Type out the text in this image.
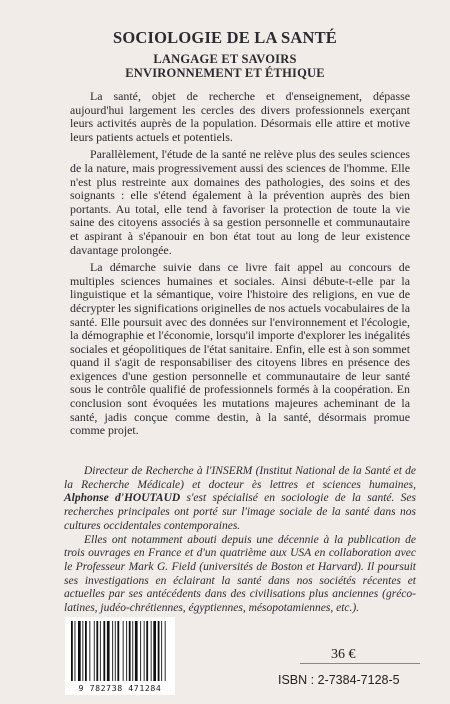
SOCIOLOGIE DE LA SANTÉ
LANGAGE ET SAVOIRS
ENVIRONNEMENT ET ÉTHIQUE

La santé, objet de recherche et d'enseignement, dépasse aujourd'hui largement les cercles des divers professionnels exerçant leurs activités auprès de la population. Désormais elle attire et motive leurs patients actuels et potentiels.

Parallèlement, l'étude de la santé ne relève plus des seules sciences de la nature, mais progressivement aussi des sciences de l'homme. Elle n'est plus restreinte aux domaines des pathologies, des soins et des soignants : elle s'étend également à la prévention auprès des bien portants. Au total, elle tend à favoriser la protection de toute la vie saine des citoyens associés à sa gestion personnelle et communautaire et aspirant à s'épanouir en bon état tout au long de leur existence davantage prolongée.

La démarche suivie dans ce livre fait appel au concours de multiples sciences humaines et sociales. Ainsi débute-t-elle par la linguistique et la sémantique, voire l'histoire des religions, en vue de décrypter les significations originelles de nos actuels vocabulaires de la santé. Elle poursuit avec des données sur l'environnement et l'écologie, la démographie et l'économie, lorsqu'il importe d'explorer les inégalités sociales et géopolitiques de l'état sanitaire. Enfin, elle est à son sommet quand il s'agit de responsabiliser des citoyens libres en présence des exigences d'une gestion personnelle et communautaire de leur santé sous le contrôle qualifié de professionnels formés à la coopération. En conclusion sont évoquées les mutations majeures acheminant de la santé, jadis conçue comme destin, à la santé, désormais promue comme projet.

Directeur de Recherche à l'INSERM (Institut National de la Santé et de la Recherche Médicale) et docteur ès lettres et sciences humaines, Alphonse d'HOUTAUD s'est spécialisé en sociologie de la santé. Ses recherches principales ont porté sur l'image sociale de la santé dans nos cultures occidentales contemporaines.
Elles ont notamment abouti depuis une décennie à la publication de trois ouvrages en France et d'un quatrième aux USA en collaboration avec le Professeur Mark G. Field (universités de Boston et Harvard). Il poursuit ses investigations en éclairant la santé dans nos sociétés récentes et actuelles par ses antécédents dans des civilisations plus anciennes (gréco-latines, judéo-chrétiennes, égyptiennes, mésopotamiennes, etc.).
9 782738 471284
36 €
ISBN : 2-7384-7128-5
